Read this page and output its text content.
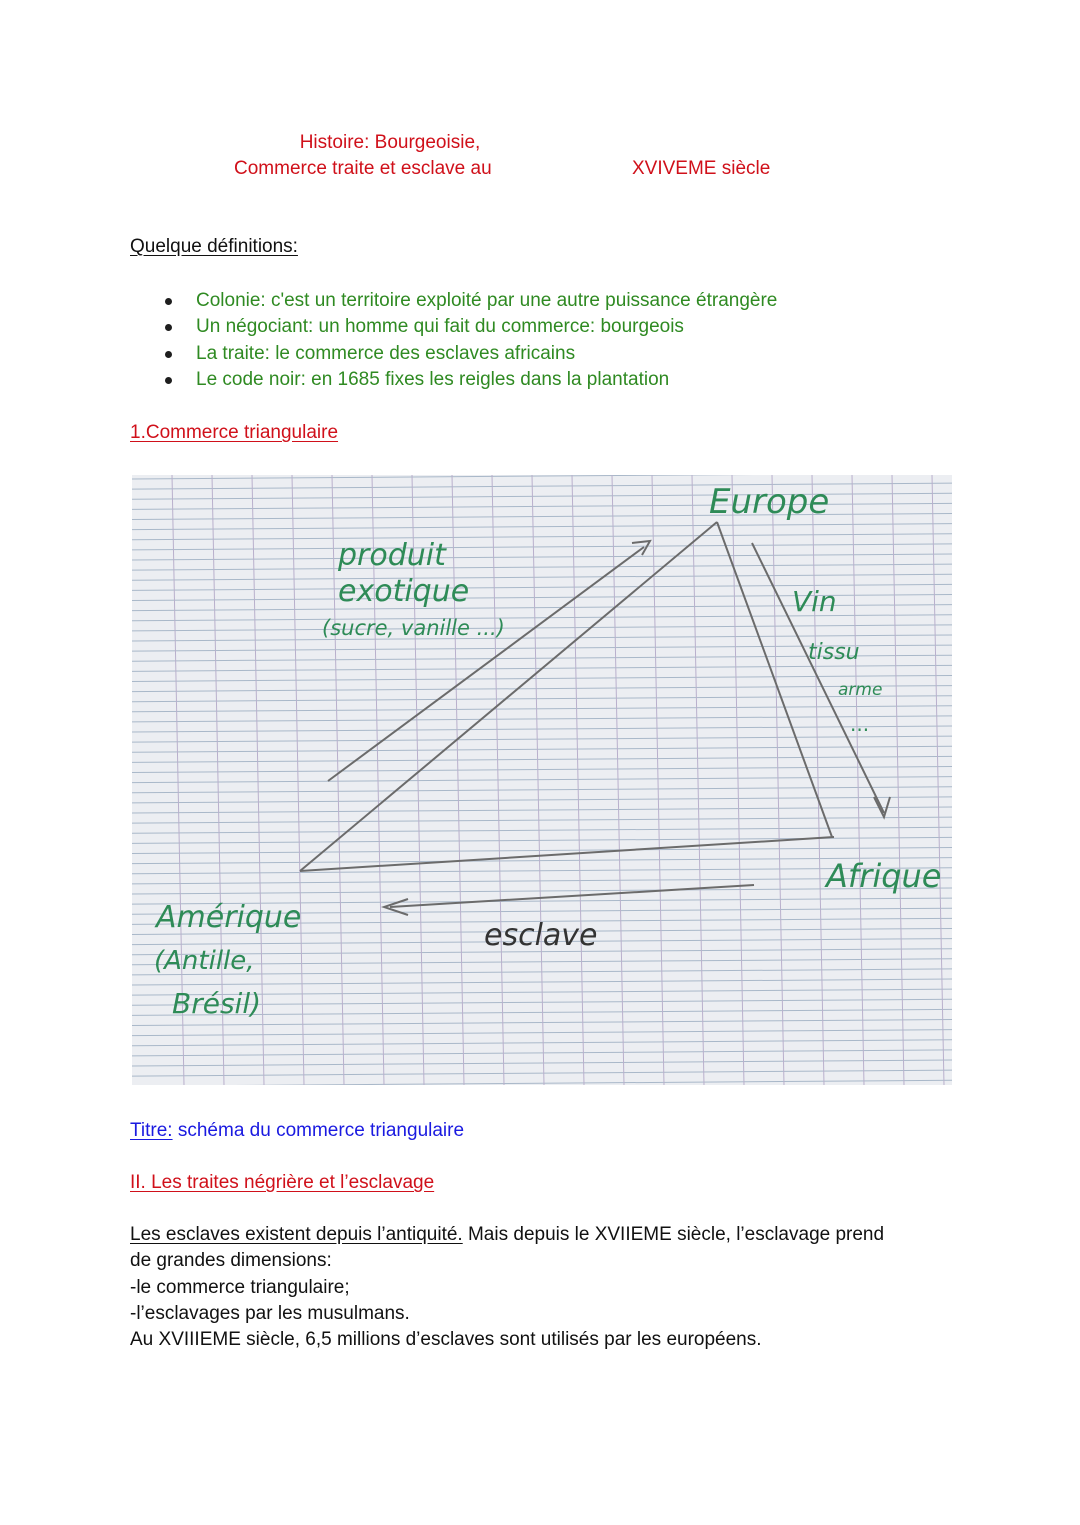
Histoire: Bourgeoisie,
Commerce traite et esclave au	XVIVEME siècle
Quelque définitions:
Colonie: c'est un territoire exploité par une autre puissance étrangère
Un négociant: un homme qui fait du commerce: bourgeois
La traite: le commerce des esclaves africains
Le code noir: en 1685 fixes les reigles dans la plantation
1.Commerce triangulaire
Europe
Afrique
Amérique
(Antille,
Brésil)
produit
exotique
(sucre, vanille ...)
Vin
tissu
arme
...
esclave
Titre: schéma du commerce triangulaire
II. Les traites négrière et l’esclavage
Les esclaves existent depuis l’antiquité. Mais depuis le XVIIEME siècle, l’esclavage prend
de grandes dimensions:
-le commerce triangulaire;
-l’esclavages par les musulmans.
Au XVIIIEME siècle, 6,5 millions d’esclaves sont utilisés par les européens.
